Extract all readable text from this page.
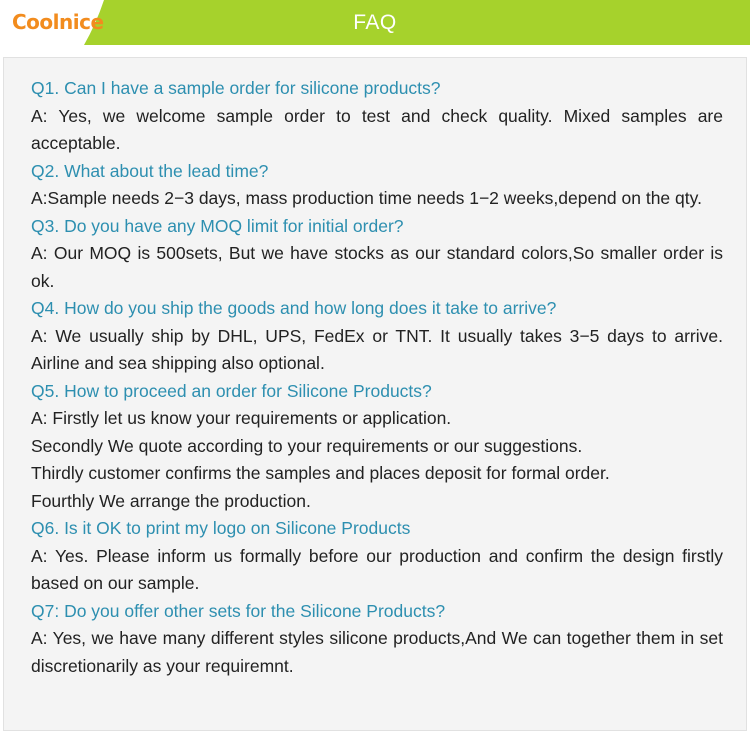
Coolnice	FAQ
Q1. Can I have a sample order for silicone products?
A: Yes, we welcome sample order to test and check quality. Mixed samples are acceptable.
Q2. What about the lead time?
A:Sample needs 2−3 days, mass production time needs 1−2 weeks,depend on the qty.
Q3. Do you have any MOQ limit for initial order?
A: Our MOQ is 500sets, But we have stocks as our standard colors,So smaller order is ok.
Q4. How do you ship the goods and how long does it take to arrive?
A: We usually ship by DHL, UPS, FedEx or TNT. It usually takes 3−5 days to arrive. Airline and sea shipping also optional.
Q5. How to proceed an order for Silicone Products?
A: Firstly let us know your requirements or application.
Secondly We quote according to your requirements or our suggestions.
Thirdly customer confirms the samples and places deposit for formal order.
Fourthly We arrange the production.
Q6. Is it OK to print my logo on Silicone Products
A: Yes. Please inform us formally before our production and confirm the design firstly based on our sample.
Q7: Do you offer other sets for the Silicone Products?
A: Yes, we have many different styles silicone products,And We can together them in set discretionarily as your requiremnt.
